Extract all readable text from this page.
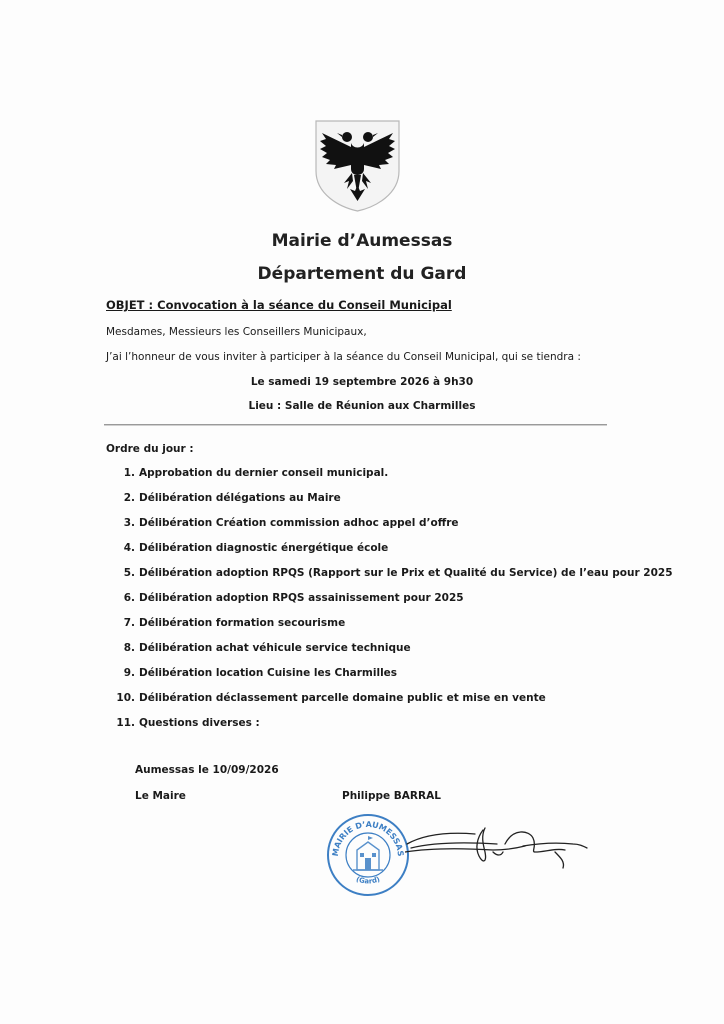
Mairie d’Aumessas
Département du Gard
OBJET : Convocation à la séance du Conseil Municipal
Mesdames, Messieurs les Conseillers Municipaux,
J’ai l’honneur de vous inviter à participer à la séance du Conseil Municipal, qui se tiendra :
Le samedi 19 septembre 2026 à 9h30
Lieu : Salle de Réunion aux Charmilles
Ordre du jour :
1. Approbation du dernier conseil municipal.
2. Délibération délégations au Maire
3. Délibération Création commission adhoc appel d’offre
4. Délibération diagnostic énergétique école
5. Délibération adoption RPQS (Rapport sur le Prix et Qualité du Service) de l’eau pour 2025
6. Délibération adoption RPQS assainissement pour 2025
7. Délibération formation secourisme
8. Délibération achat véhicule service technique
9. Délibération location Cuisine les Charmilles
10. Délibération déclassement parcelle domaine public et mise en vente
11. Questions diverses :
Aumessas le 10/09/2026
Le Maire	Philippe BARRAL
MAIRIE D’AUMESSAS
(Gard)
